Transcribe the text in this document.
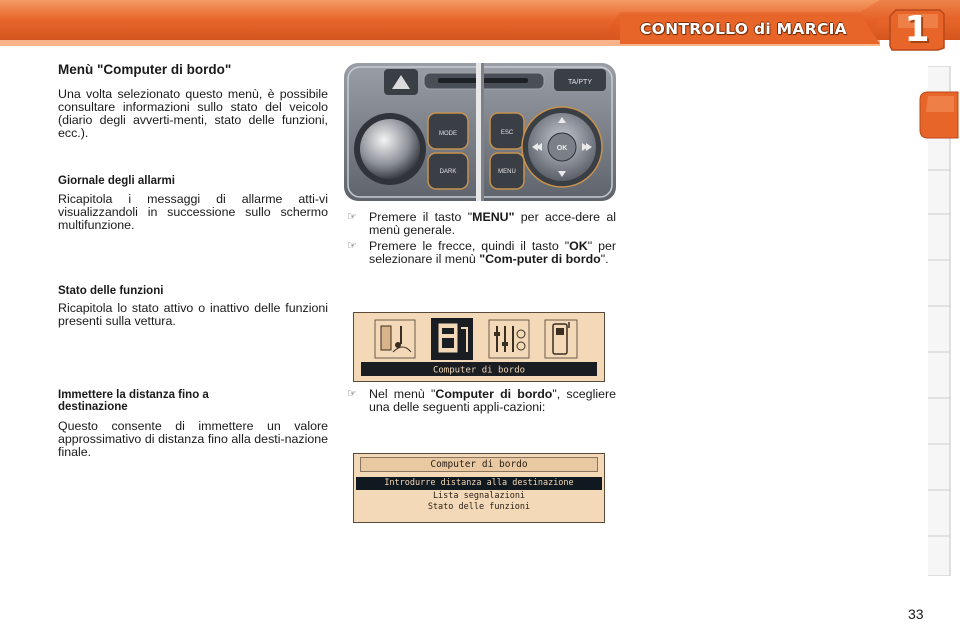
CONTROLLO di MARCIA	1
Menù "Computer di bordo"
Una volta selezionato questo menù, è possibile consultare informazioni sullo stato del veicolo (diario degli avverti-menti, stato delle funzioni, ecc.).
Giornale degli allarmi
Ricapitola i messaggi di allarme atti-vi visualizzandoli in successione sullo schermo multifunzione.
Stato delle funzioni
Ricapitola lo stato attivo o inattivo delle funzioni presenti sulla vettura.
Immettere la distanza fino a destinazione
Questo consente di immettere un valore approssimativo di distanza fino alla desti-nazione finale.
TA/PTY
MODE
DARK
ESC
MENU
OK
☞ Premere il tasto "MENU" per acce-dere al menù generale.
☞ Premere le frecce, quindi il tasto "OK" per selezionare il menù "Com-puter di bordo".
Computer di bordo
☞ Nel menù "Computer di bordo", scegliere una delle seguenti appli-cazioni:
Computer di bordo
Introdurre distanza alla destinazione
Lista segnalazioni
Stato delle funzioni
33
